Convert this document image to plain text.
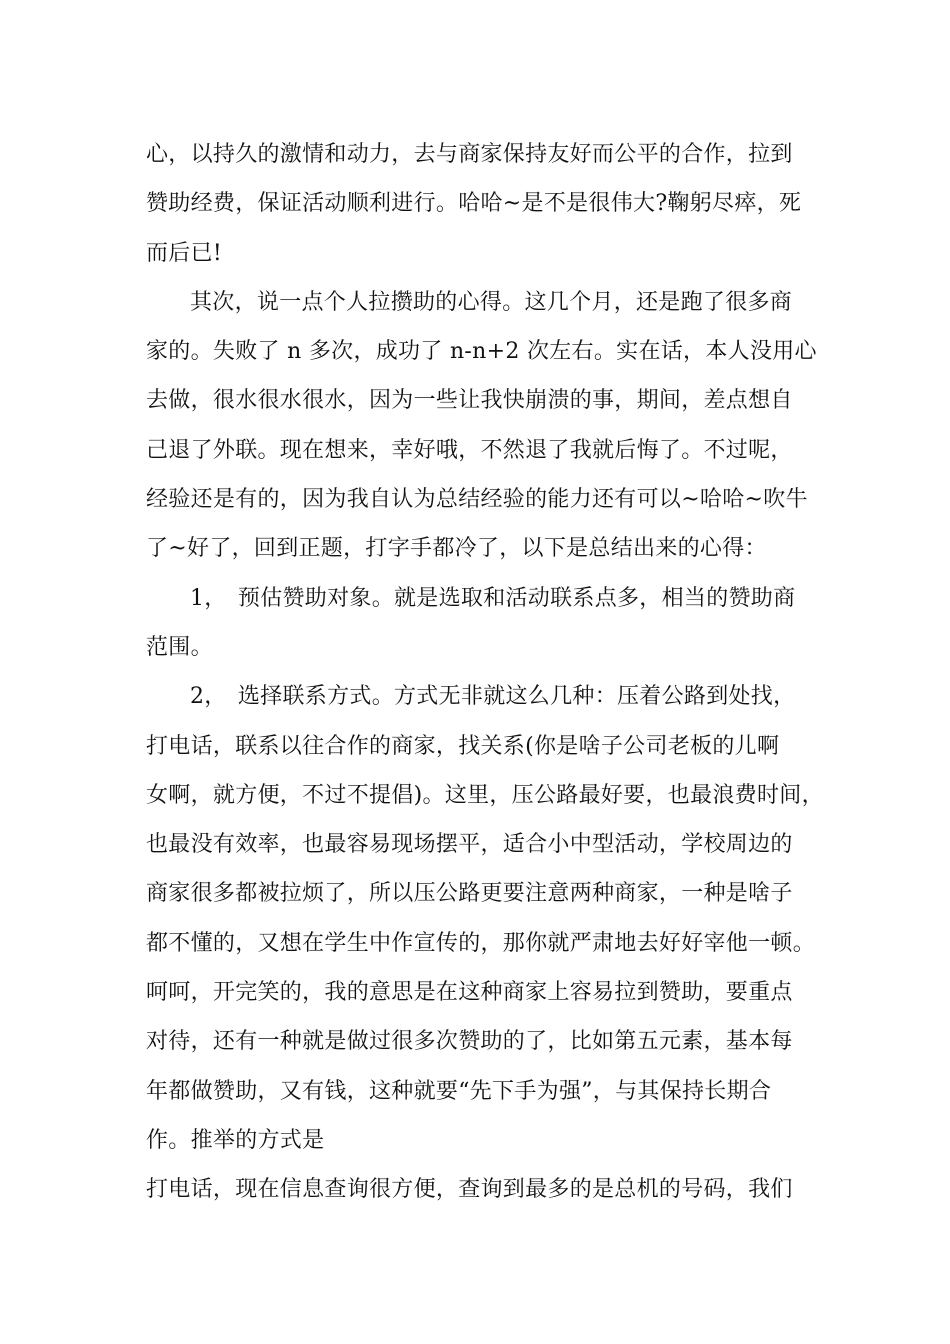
心，以持久的激情和动力，去与商家保持友好而公平的合作，拉到
赞助经费，保证活动顺利进行。哈哈~是不是很伟大?鞠躬尽瘁，死
而后已!
其次，说一点个人拉攒助的心得。这几个月，还是跑了很多商
家的。失败了 n 多次，成功了 n-n+2 次左右。实在话，本人没用心
去做，很水很水很水，因为一些让我快崩溃的事，期间，差点想自
己退了外联。现在想来，幸好哦，不然退了我就后悔了。不过呢，
经验还是有的，因为我自认为总结经验的能力还有可以~哈哈~吹牛
了~好了，回到正题，打字手都冷了，以下是总结出来的心得：
1，　预估赞助对象。就是选取和活动联系点多，相当的赞助商
范围。
2，　选择联系方式。方式无非就这么几种：压着公路到处找，
打电话，联系以往合作的商家，找关系(你是啥子公司老板的儿啊
女啊，就方便，不过不提倡)。这里，压公路最好要，也最浪费时间，
也最没有效率，也最容易现场摆平，适合小中型活动，学校周边的
商家很多都被拉烦了，所以压公路更要注意两种商家，一种是啥子
都不懂的，又想在学生中作宣传的，那你就严肃地去好好宰他一顿。
呵呵，开完笑的，我的意思是在这种商家上容易拉到赞助，要重点
对待，还有一种就是做过很多次赞助的了，比如第五元素，基本每
年都做赞助，又有钱，这种就要“先下手为强”，与其保持长期合
作。推举的方式是
打电话，现在信息查询很方便，查询到最多的是总机的号码，我们
